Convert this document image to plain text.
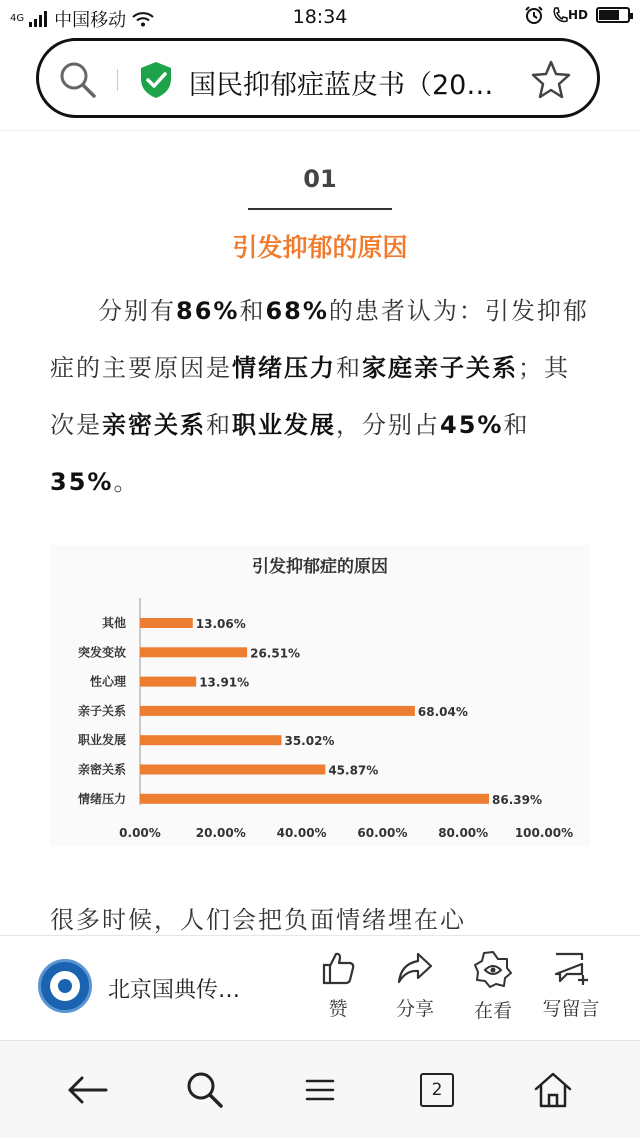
4G 中国移动	18:34	HD
国民抑郁症蓝皮书（20…
01
引发抑郁的原因
分别有86%和68%的患者认为：引发抑郁症的主要原因是情绪压力和家庭亲子关系；其次是亲密关系和职业发展，分别占45%和35%。
引发抑郁症的原因
其他	13.06%
突发变故	26.51%
性心理	13.91%
亲子关系	68.04%
职业发展	35.02%
亲密关系	45.87%
情绪压力	86.39%
0.00%	20.00%	40.00%	60.00%	80.00% 100.00%
很多时候，人们会把负面情绪埋在心
北京国典传…
赞	分享	在看	写留言
2
